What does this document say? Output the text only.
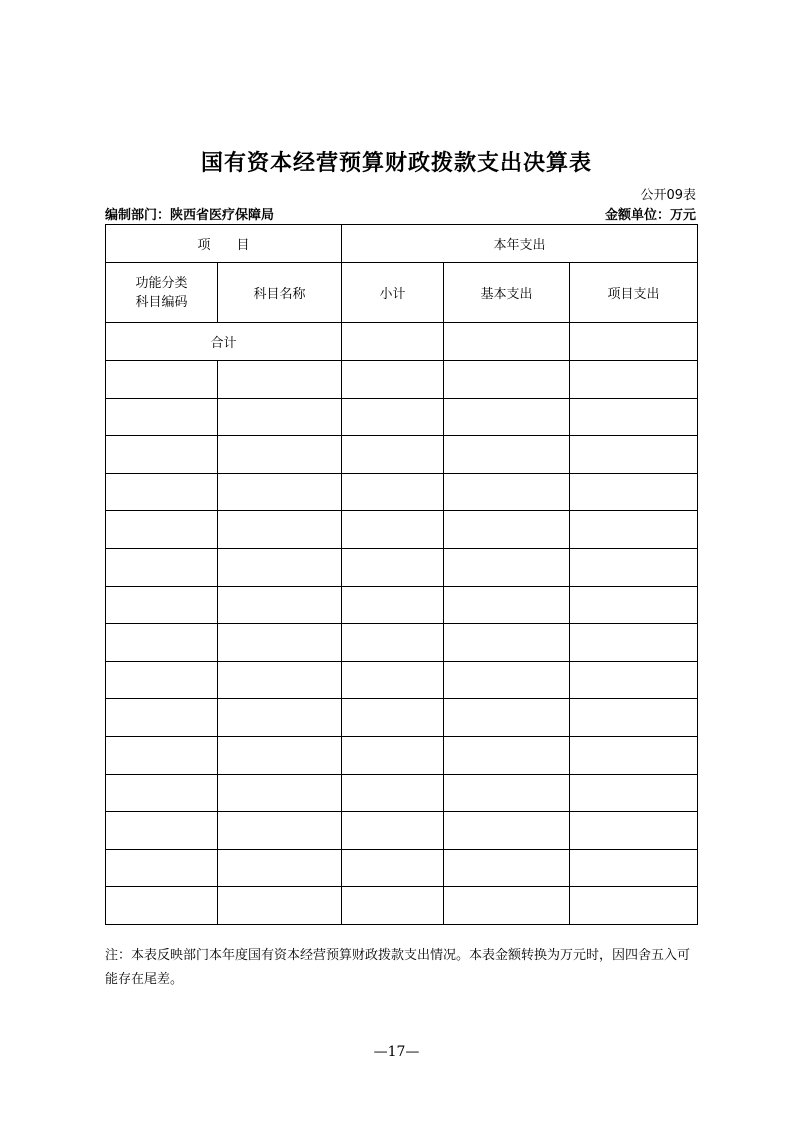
国有资本经营预算财政拨款支出决算表
公开09表
编制部门：陕西省医疗保障局	金额单位：万元
项　　目		本年支出		

功能分类
科目编码	科目名称	小计	基本支出	项目支出
合计				

注：本表反映部门本年度国有资本经营预算财政拨款支出情况。本表金额转换为万元时，因四舍五入可能存在尾差。
—17—
